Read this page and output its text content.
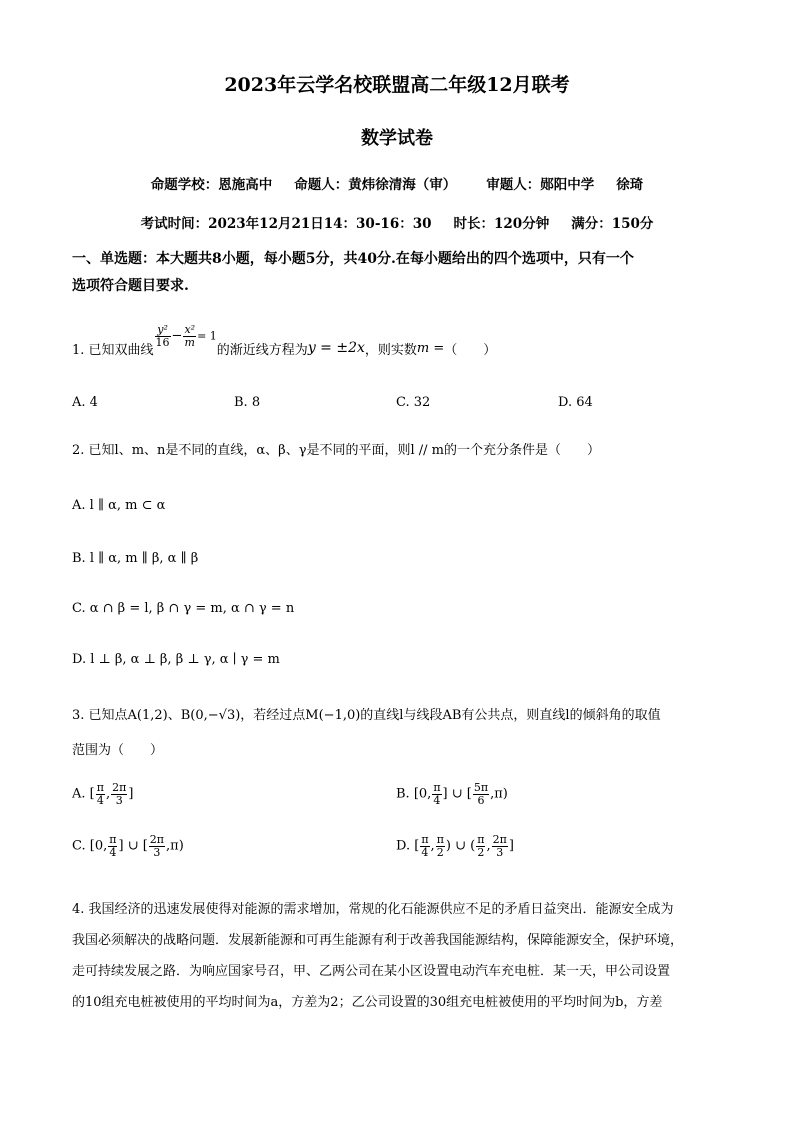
2023年云学名校联盟高二年级12月联考
数学试卷
命题学校：恩施高中 命题人：黄炜徐清海（审） 审题人：郧阳中学 徐琦
考试时间：2023年12月21日14：30-16：30 时长：120分钟 满分：150分
一、单选题：本大题共8小题，每小题5分，共40分.在每小题给出的四个选项中，只有一个
选项符合题目要求.
1. 已知双曲线
$\frac{\text{y²}}{16} - \frac{\text{x²}}{m} = 1$的渐近线方程为y = ±2x，则实数m =（　　）
A. 4	B. 8	C. 32	D. 64
2. 已知l、m、n是不同的直线，α、β、γ是不同的平面，则l // m的一个充分条件是（　　）
A. l ∥ α, m ⊂ α
B. l ∥ α, m ∥ β, α ∥ β
C. α ∩ β = l, β ∩ γ = m, α ∩ γ = n
D. l ⊥ β, α ⊥ β, β ⊥ γ, α ∣ γ = m
3. 已知点A(1,2)、B(0,−√3)，若经过点M(−1,0)的直线l与线段AB有公共点，则直线l的倾斜角的取值
范围为（　　）
A. [ $\frac{\pi}{4}$ , $\frac{2\pi}{3}$ ]	B. [0, $\frac{\pi}{4}$ ] ∪ [ $\frac{5\pi}{6} ,\pi$)
C. [0, $\frac{\pi}{4}$ ] ∪ [ $\frac{2\pi}{3} ,\pi$)	D. [ $\frac{\pi}{4}$ , $\frac{\pi}{2}$ ) ∪ ( $\frac{\pi}{2}$ , $\frac{2\pi}{3}$ ]
4. 我国经济的迅速发展使得对能源的需求增加，常规的化石能源供应不足的矛盾日益突出．能源安全成为
我国必须解决的战略问题．发展新能源和可再生能源有利于改善我国能源结构，保障能源安全，保护环境，
走可持续发展之路．为响应国家号召，甲、乙两公司在某小区设置电动汽车充电桩．某一天，甲公司设置
的10组充电桩被使用的平均时间为a，方差为2；乙公司设置的30组充电桩被使用的平均时间为b，方差
